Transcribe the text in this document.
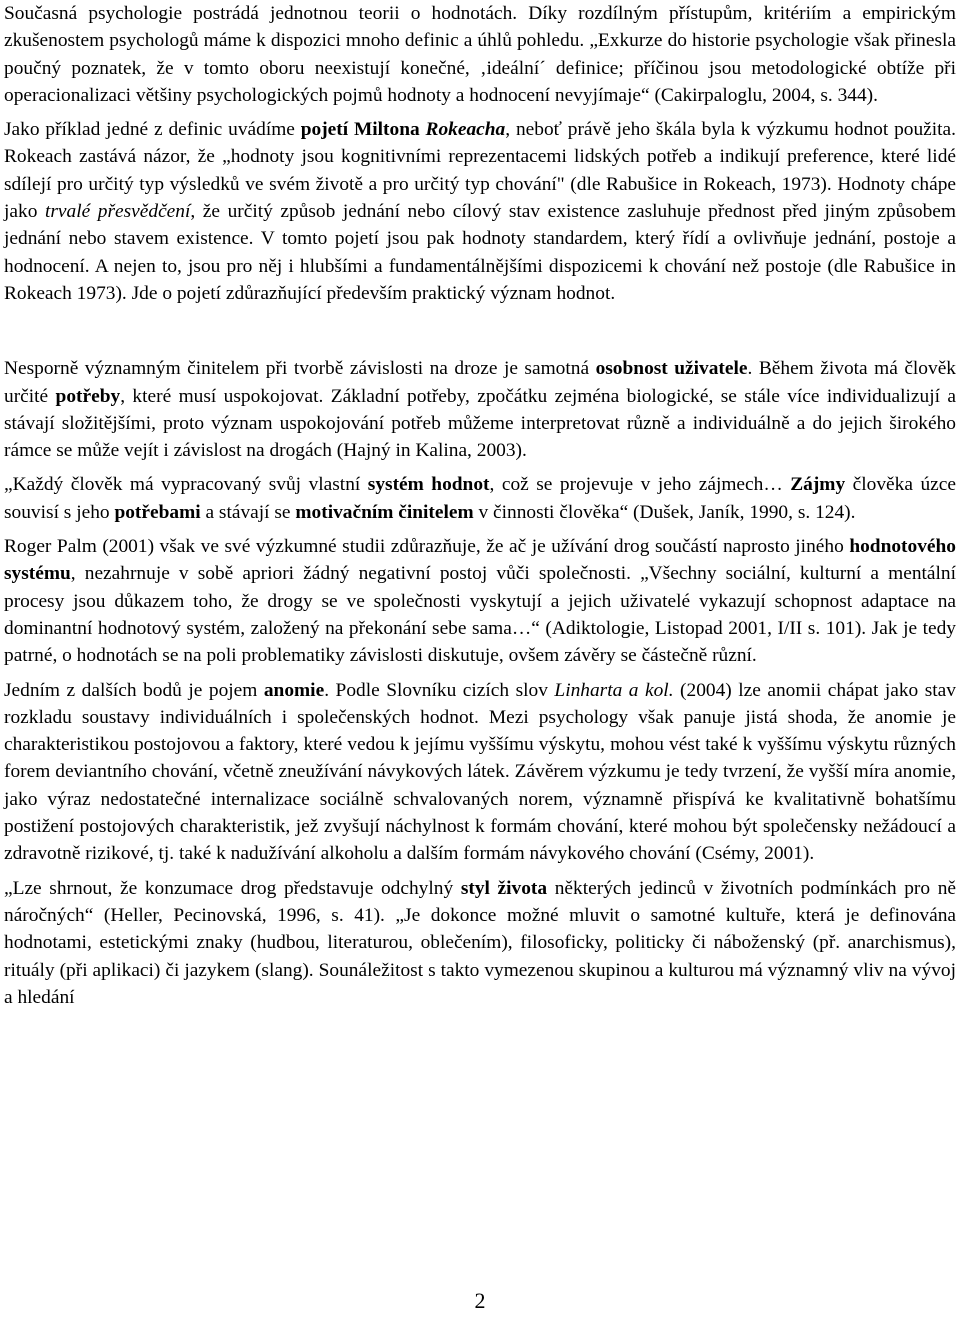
Současná psychologie postrádá jednotnou teorii o hodnotách. Díky rozdílným přístupům, kritériím a empirickým zkušenostem psychologů máme k dispozici mnoho definic a úhlů pohledu. „Exkurze do historie psychologie však přinesla poučný poznatek, že v tomto oboru neexistují konečné, ‚ideální´ definice; příčinou jsou metodologické obtíže při operacionalizaci většiny psychologických pojmů hodnoty a hodnocení nevyjímaje“ (Cakirpaloglu, 2004, s. 344).

Jako příklad jedné z definic uvádíme pojetí Miltona Rokeacha, neboť právě jeho škála byla k výzkumu hodnot použita. Rokeach zastává názor, že „hodnoty jsou kognitivními reprezentacemi lidských potřeb a indikují preference, které lidé sdílejí pro určitý typ výsledků ve svém životě a pro určitý typ chování" (dle Rabušice in Rokeach, 1973). Hodnoty chápe jako trvalé přesvědčení, že určitý způsob jednání nebo cílový stav existence zasluhuje přednost před jiným způsobem jednání nebo stavem existence. V tomto pojetí jsou pak hodnoty standardem, který řídí a ovlivňuje jednání, postoje a hodnocení. A nejen to, jsou pro něj i hlubšími a fundamentálnějšími dispozicemi k chování než postoje (dle Rabušice in Rokeach 1973). Jde o pojetí zdůrazňující především praktický význam hodnot.

Nesporně významným činitelem při tvorbě závislosti na droze je samotná osobnost uživatele. Během života má člověk určité potřeby, které musí uspokojovat. Základní potřeby, zpočátku zejména biologické, se stále více individualizují a stávají složitějšími, proto význam uspokojování potřeb můžeme interpretovat různě a individuálně a do jejich širokého rámce se může vejít i závislost na drogách (Hajný in Kalina, 2003).

„Každý člověk má vypracovaný svůj vlastní systém hodnot, což se projevuje v jeho zájmech… Zájmy člověka úzce souvisí s jeho potřebami a stávají se motivačním činitelem v činnosti člověka“ (Dušek, Janík, 1990, s. 124).

Roger Palm (2001) však ve své výzkumné studii zdůrazňuje, že ač je užívání drog součástí naprosto jiného hodnotového systému, nezahrnuje v sobě apriori žádný negativní postoj vůči společnosti. „Všechny sociální, kulturní a mentální procesy jsou důkazem toho, že drogy se ve společnosti vyskytují a jejich uživatelé vykazují schopnost adaptace na dominantní hodnotový systém, založený na překonání sebe sama…“ (Adiktologie, Listopad 2001, I/II s. 101). Jak je tedy patrné, o hodnotách se na poli problematiky závislosti diskutuje, ovšem závěry se částečně různí.

Jedním z dalších bodů je pojem anomie. Podle Slovníku cizích slov Linharta a kol. (2004) lze anomii chápat jako stav rozkladu soustavy individuálních i společenských hodnot. Mezi psychology však panuje jistá shoda, že anomie je charakteristikou postojovou a faktory, které vedou k jejímu vyššímu výskytu, mohou vést také k vyššímu výskytu různých forem deviantního chování, včetně zneužívání návykových látek. Závěrem výzkumu je tedy tvrzení, že vyšší míra anomie, jako výraz nedostatečné internalizace sociálně schvalovaných norem, významně přispívá ke kvalitativně bohatšímu postižení postojových charakteristik, jež zvyšují náchylnost k formám chování, které mohou být společensky nežádoucí a zdravotně rizikové, tj. také k nadužívání alkoholu a dalším formám návykového chování (Csémy, 2001).

„Lze shrnout, že konzumace drog představuje odchylný styl života některých jedinců v životních podmínkách pro ně náročných“ (Heller, Pecinovská, 1996, s. 41). „Je dokonce možné mluvit o samotné kultuře, která je definována hodnotami, estetickými znaky (hudbou, literaturou, oblečením), filosoficky, politicky či náboženský (př. anarchismus), rituály (při aplikaci) či jazykem (slang). Sounáležitost s takto vymezenou skupinou a kulturou má významný vliv na vývoj a hledání

2
